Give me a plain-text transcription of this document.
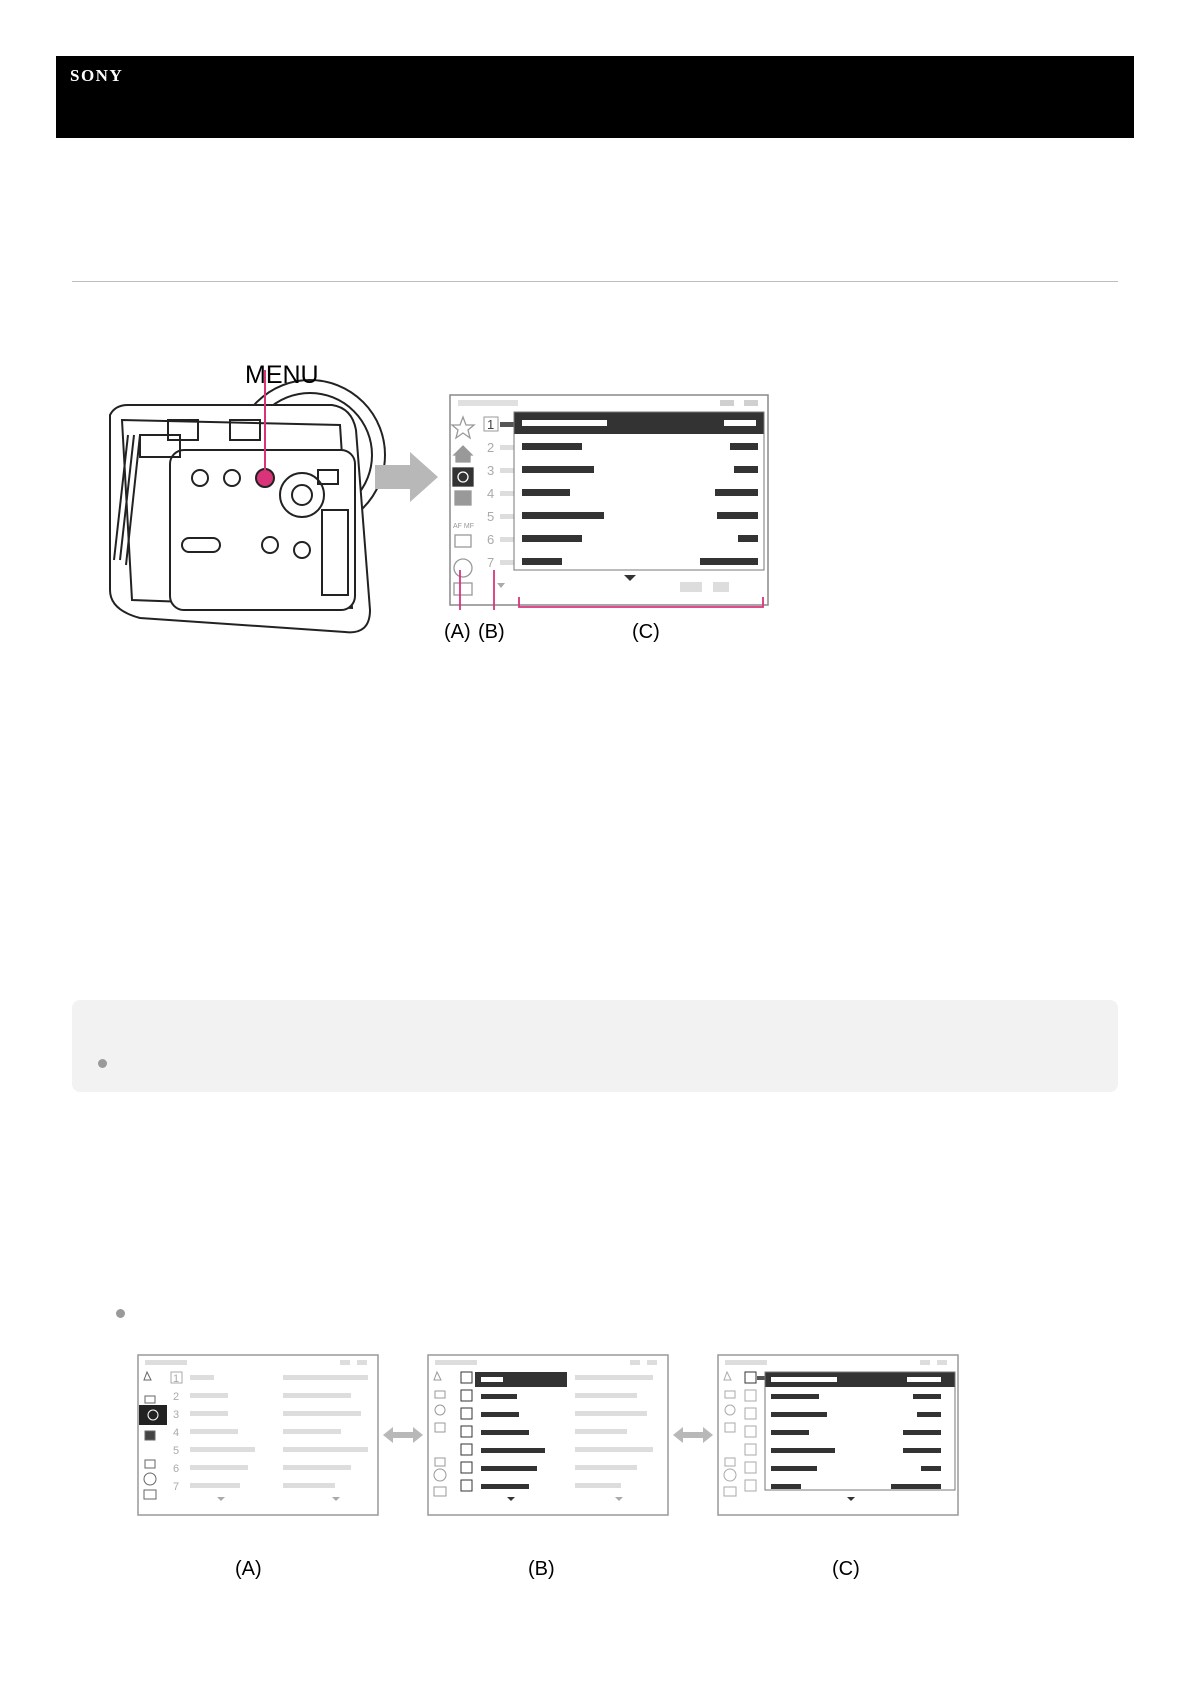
SONY
MENU
AF MF
1
2
3
4
5
6
7
(A) (B)	(C)
1
2
3
4
5
6
7
(A)	(B)	(C)
